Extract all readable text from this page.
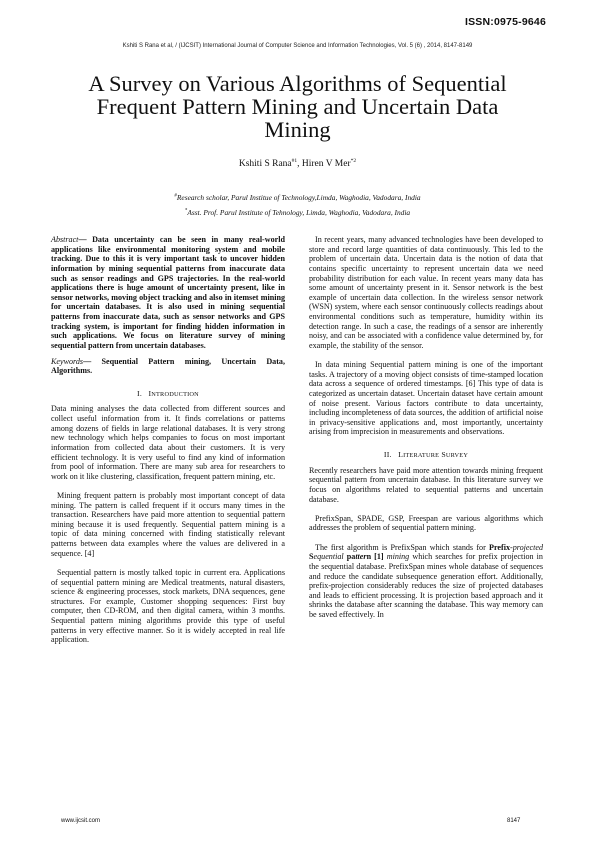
ISSN:0975-9646
Kshiti S Rana et al, / (IJCSIT) International Journal of Computer Science and Information Technologies, Vol. 5 (6) , 2014, 8147-8149
A Survey on Various Algorithms of Sequential
Frequent Pattern Mining and Uncertain Data
Mining
Kshiti S Rana$^{\#1}$, Hiren V Mer$^{*2}$
#Research scholar, Parul Institue of Technology,Limda, Waghodia, Vadodara, India
*Asst. Prof. Parul Institute of Tehnology, Limda, Waghodia, Vadodara, India

Abstract— Data uncertainty can be seen in many real-world applications like environmental monitoring system and mobile tracking. Due to this it is very important task to uncover hidden information by mining sequential patterns from inaccurate data such as sensor readings and GPS trajectories. In the real-world applications there is huge amount of uncertainty present, like in sensor networks, moving object tracking and also in itemset mining for uncertain databases. It is also used in mining sequential patterns from inaccurate data, such as sensor networks and GPS tracking system, is important for finding hidden information in such applications. We focus on literature survey of mining sequential pattern from uncertain databases.

Keywords— Sequential Pattern mining, Uncertain Data, Algorithms.

I. INTRODUCTION

Data mining analyses the data collected from different sources and collect useful information from it. It finds correlations or patterns among dozens of fields in large relational databases. It is very strong new technology which helps companies to focus on most important information from collected data about their customers. It is very efficient technology. It is very useful to find any kind of information from pool of information. There are many sub area for researchers to work on it like clustering, classification, frequent pattern mining, etc.

Mining frequent pattern is probably most important concept of data mining. The pattern is called frequent if it occurs many times in the transaction. Researchers have paid more attention to sequential pattern mining because it is used frequently. Sequential pattern mining is a topic of data mining concerned with finding statistically relevant patterns between data examples where the values are delivered in a sequence. [4]

Sequential pattern is mostly talked topic in current era. Applications of sequential pattern mining are Medical treatments, natural disasters, science & engineering processes, stock markets, DNA sequences, gene structures. For example, Customer shopping sequences: First buy computer, then CD-ROM, and then digital camera, within 3 months. Sequential pattern mining algorithms provide this type of useful patterns in very effective manner. So it is widely accepted in real life application.

In recent years, many advanced technologies have been developed to store and record large quantities of data continuously. This led to the problem of uncertain data. Uncertain data is the notion of data that contains specific uncertainty to represent uncertain data we need probability distribution for each value. In recent years many data has some amount of uncertainty present in it. Sensor network is the best example of uncertain data collection. In the wireless sensor network (WSN) system, where each sensor continuously collects readings about environmental conditions such as temperature, humidity within its detection range. In such a case, the readings of a sensor are inherently noisy, and can be associated with a confidence value determined by, for example, the stability of the sensor.

In data mining Sequential pattern mining is one of the important tasks. A trajectory of a moving object consists of time-stamped location data across a sequence of ordered timestamps. [6] This type of data is categorized as uncertain dataset. Uncertain dataset have certain amount of noise present. Various factors contribute to data uncertainty, including incompleteness of data sources, the addition of artificial noise in privacy-sensitive applications and, most importantly, uncertainty arising from imprecision in measurements and observations.

II. LITERATURE SURVEY

Recently researchers have paid more attention towards mining frequent sequential pattern from uncertain database. In this literature survey we focus on algorithms related to sequential patterns and uncertain database.

PrefixSpan, SPADE, GSP, Freespan are various algorithms which addresses the problem of sequential pattern mining.

The first algorithm is PrefixSpan which stands for Prefix-projected Sequential pattern [1] mining which searches for prefix projection in the sequential database. PrefixSpan mines whole database of sequences and reduce the candidate subsequence generation effort. Additionally, prefix-projection considerably reduces the size of projected databases and leads to efficient processing. It is projection based approach and it shrinks the database after scanning the database. This way memory can be saved effectively. In

www.ijcsit.com	8147
